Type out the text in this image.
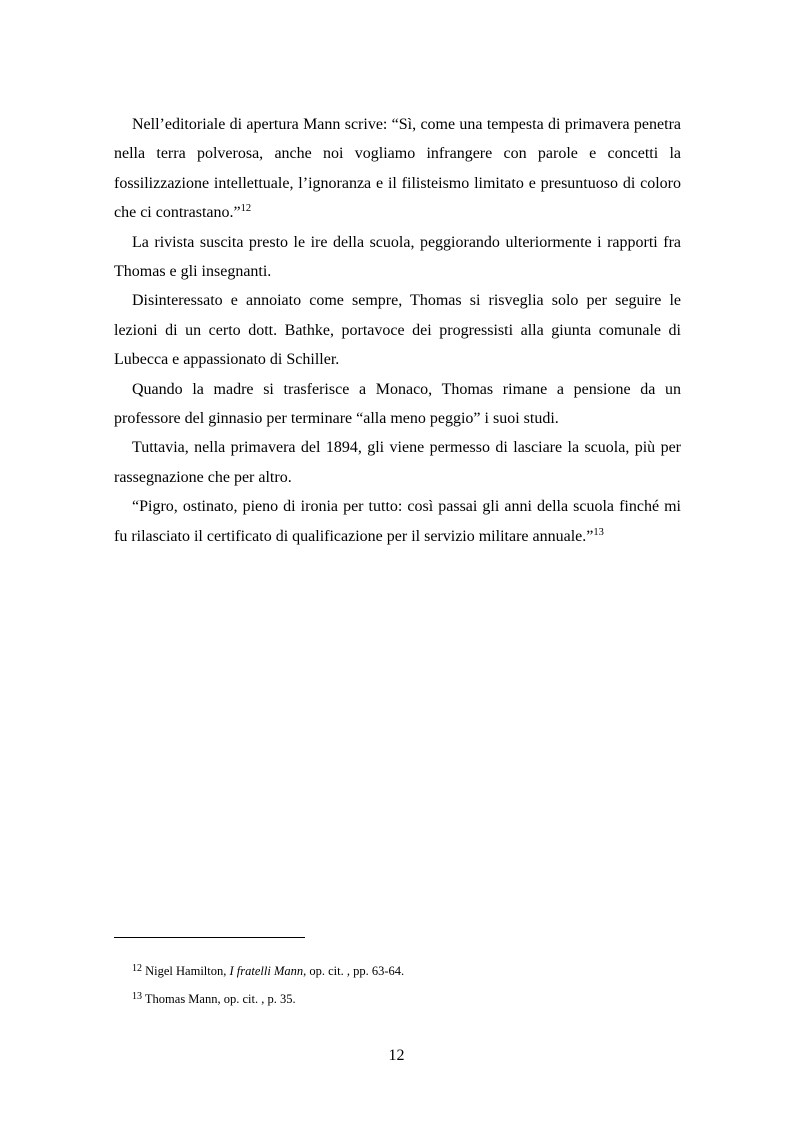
Nell’editoriale di apertura Mann scrive: “Sì, come una tempesta di primavera penetra nella terra polverosa, anche noi vogliamo infrangere con parole e concetti la fossilizzazione intellettuale, l’ignoranza e il filisteismo limitato e presuntuoso di coloro che ci contrastano.”$^{12}$

La rivista suscita presto le ire della scuola, peggiorando ulteriormente i rapporti fra Thomas e gli insegnanti.

Disinteressato e annoiato come sempre, Thomas si risveglia solo per seguire le lezioni di un certo dott. Bathke, portavoce dei progressisti alla giunta comunale di Lubecca e appassionato di Schiller.

Quando la madre si trasferisce a Monaco, Thomas rimane a pensione da un professore del ginnasio per terminare “alla meno peggio” i suoi studi.

Tuttavia, nella primavera del 1894, gli viene permesso di lasciare la scuola, più per rassegnazione che per altro.

“Pigro, ostinato, pieno di ironia per tutto: così passai gli anni della scuola finché mi fu rilasciato il certificato di qualificazione per il servizio militare annuale.”$^{13}$

$^{12}$ Nigel Hamilton, I fratelli Mann, op. cit. , pp. 63-64.

$^{13}$ Thomas Mann, op. cit. , p. 35.

12
